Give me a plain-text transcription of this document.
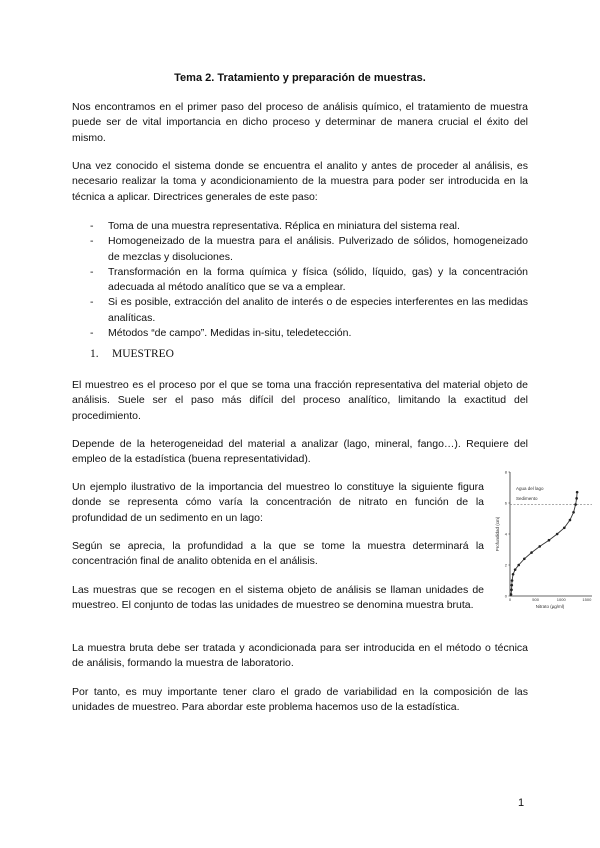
Tema 2. Tratamiento y preparación de muestras.

Nos encontramos en el primer paso del proceso de análisis químico, el tratamiento de muestra puede ser de vital importancia en dicho proceso y determinar de manera crucial el éxito del mismo.

Una vez conocido el sistema donde se encuentra el analito y antes de proceder al análisis, es necesario realizar la toma y acondicionamiento de la muestra para poder ser introducida en la técnica a aplicar. Directrices generales de este paso:

- Toma de una muestra representativa. Réplica en miniatura del sistema real.
- Homogeneizado de la muestra para el análisis. Pulverizado de sólidos, homogeneizado de mezclas y disoluciones.
- Transformación en la forma química y física (sólido, líquido, gas) y la concentración adecuada al método analítico que se va a emplear.
- Si es posible, extracción del analito de interés o de especies interferentes en las medidas analíticas.
- Métodos “de campo”. Medidas in-situ, teledetección.
1. MUESTREO

El muestreo es el proceso por el que se toma una fracción representativa del material objeto de análisis. Suele ser el paso más difícil del proceso analítico, limitando la exactitud del procedimiento.

Depende de la heterogeneidad del material a analizar (lago, mineral, fango…). Requiere del empleo de la estadística (buena representatividad).

Un ejemplo ilustrativo de la importancia del muestreo lo constituye la siguiente figura donde se representa cómo varía la concentración de nitrato en función de la profundidad de un sedimento en un lago:

Según se aprecia, la profundidad a la que se tome la muestra determinará la concentración final de analito obtenida en el análisis.

Las muestras que se recogen en el sistema objeto de análisis se llaman unidades de muestreo. El conjunto de todas las unidades de muestreo se denomina muestra bruta.

La muestra bruta debe ser tratada y acondicionada para ser introducida en el método o técnica de análisis, formando la muestra de laboratorio.

Por tanto, es muy importante tener claro el grado de variabilidad en la composición de las unidades de muestreo. Para abordar este problema hacemos uso de la estadística.

8
6
4
2
0
0	500	1000	1500
Agua del lago
Sedimento
Profundidad (cm)
Nitrato (µg/ml)
1
